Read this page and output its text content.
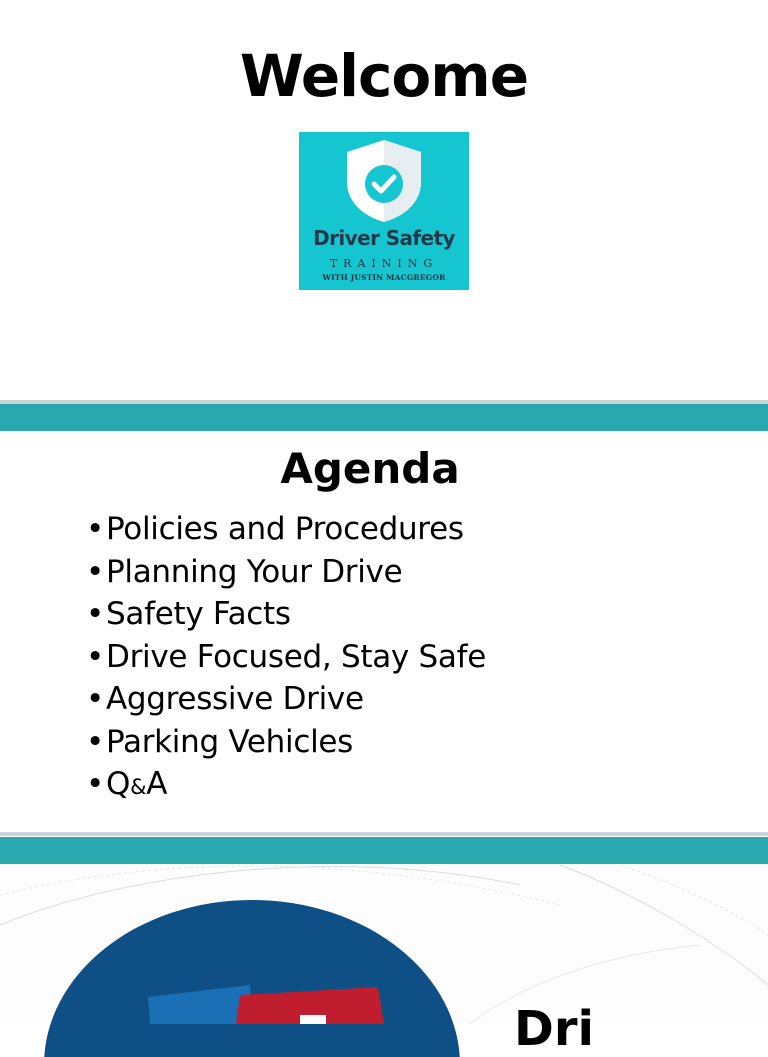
Welcome
Driver Safety
TRAINING
WITH JUSTIN MACGREGOR
Agenda
•Policies and Procedures
•Planning Your Drive
•Safety Facts
•Drive Focused, Stay Safe
•Aggressive Drive
•Parking Vehicles
•Q&A
Dri
